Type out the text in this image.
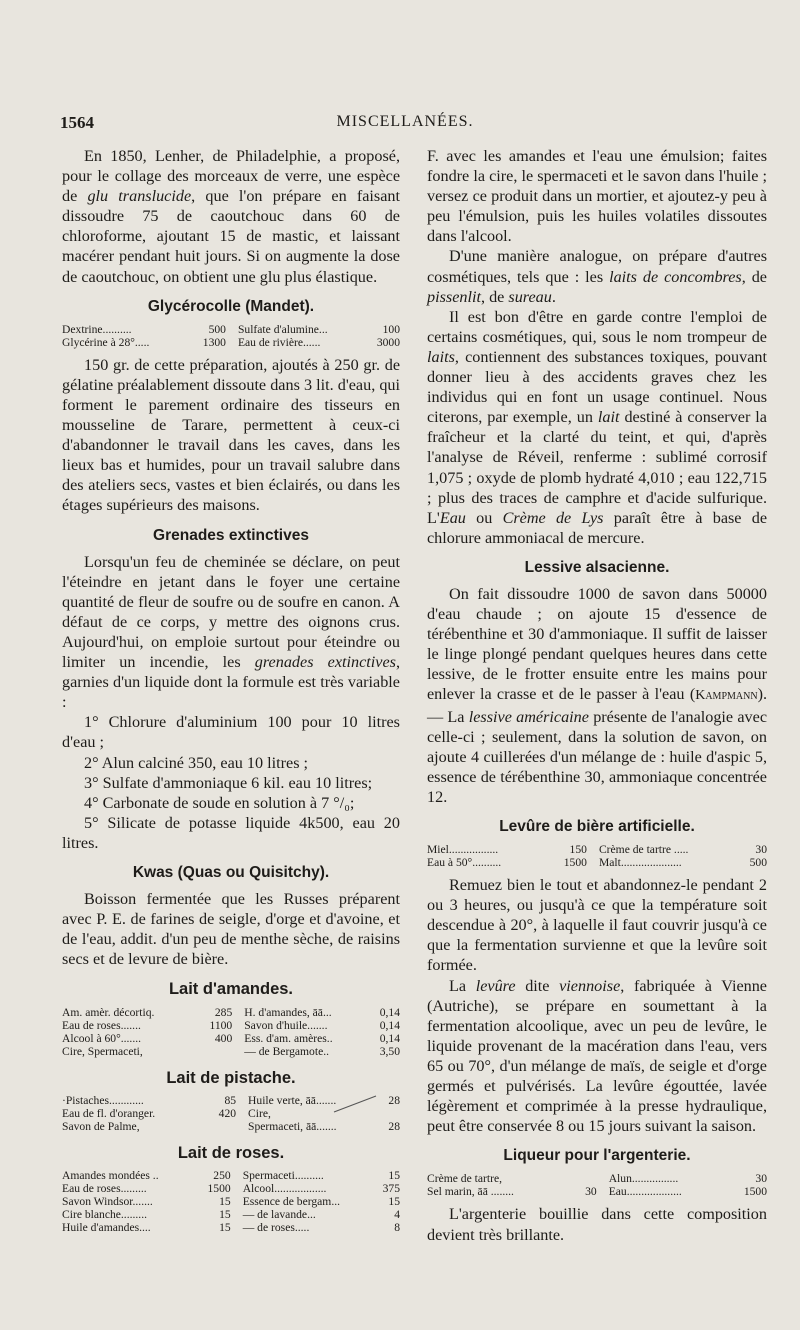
1564	MISCELLANÉES.

En 1850, Lenher, de Philadelphie, a proposé, pour le collage des morceaux de verre, une espèce de glu translucide, que l'on prépare en faisant dissoudre 75 de caoutchouc dans 60 de chloroforme, ajoutant 15 de mastic, et laissant macérer pendant huit jours. Si on augmente la dose de caoutchouc, on obtient une glu plus élastique.

Glycérocolle (Mandet).
Dextrine..........	500	Sulfate d'alumine...	100
Glycérine à 28°.....	1300	Eau de rivière......	3000

150 gr. de cette préparation, ajoutés à 250 gr. de gélatine préalablement dissoute dans 3 lit. d'eau, qui forment le parement ordinaire des tisseurs en mousseline de Tarare, permettent à ceux-ci d'abandonner le travail dans les caves, dans les lieux bas et humides, pour un travail salubre dans des ateliers secs, vastes et bien éclairés, ou dans les étages supérieurs des maisons.

Grenades extinctives

Lorsqu'un feu de cheminée se déclare, on peut l'éteindre en jetant dans le foyer une certaine quantité de fleur de soufre ou de soufre en canon. A défaut de ce corps, y mettre des oignons crus. Aujourd'hui, on emploie surtout pour éteindre ou limiter un incendie, les grenades extinctives, garnies d'un liquide dont la formule est très variable :

1° Chlorure d'aluminium 100 pour 10 litres d'eau ;

2° Alun calciné 350, eau 10 litres ;

3° Sulfate d'ammoniaque 6 kil. eau 10 litres;

4° Carbonate de soude en solution à 7 °/₀;

5° Silicate de potasse liquide 4k500, eau 20 litres.

Kwas (Quas ou Quisitchy).

Boisson fermentée que les Russes préparent avec P. E. de farines de seigle, d'orge et d'avoine, et de l'eau, addit. d'un peu de menthe sèche, de raisins secs et de levure de bière.

Lait d'amandes.
Am. amèr. décortiq.	285	H. d'amandes, āā...	0,14
Eau de roses.......	1100	Savon d'huile.......	0,14
Alcool à 60°.......	400	Ess. d'am. amères..	0,14
Cire, Spermaceti,		— de Bergamote..	3,50
Lait de pistache.
·Pistaches............	85	Huile verte, āā.......	28
Eau de fl. d'oranger.	420	Cire,	
Savon de Palme,		Spermaceti, āā.......	28
Lait de roses.
Amandes mondées ..	250	Spermaceti..........	15
Eau de roses.........	1500	Alcool..................	375
Savon Windsor.......	15	Essence de bergam...	15
Cire blanche.........	15	— de lavande...	4
Huile d'amandes....	15	— de roses.....	8

F. avec les amandes et l'eau une émulsion; faites fondre la cire, le spermaceti et le savon dans l'huile ; versez ce produit dans un mortier, et ajoutez-y peu à peu l'émulsion, puis les huiles volatiles dissoutes dans l'alcool.

D'une manière analogue, on prépare d'autres cosmétiques, tels que : les laits de concombres, de pissenlit, de sureau.

Il est bon d'être en garde contre l'emploi de certains cosmétiques, qui, sous le nom trompeur de laits, contiennent des substances toxiques, pouvant donner lieu à des accidents graves chez les individus qui en font un usage continuel. Nous citerons, par exemple, un lait destiné à conserver la fraîcheur et la clarté du teint, et qui, d'après l'analyse de Réveil, renferme : sublimé corrosif 1,075 ; oxyde de plomb hydraté 4,010 ; eau 122,715 ; plus des traces de camphre et d'acide sulfurique. L'Eau ou Crème de Lys paraît être à base de chlorure ammoniacal de mercure.

Lessive alsacienne.

On fait dissoudre 1000 de savon dans 50000 d'eau chaude ; on ajoute 15 d'essence de térébenthine et 30 d'ammoniaque. Il suffit de laisser le linge plongé pendant quelques heures dans cette lessive, de le frotter ensuite entre les mains pour enlever la crasse et de le passer à l'eau (Kampmann). — La lessive américaine présente de l'analogie avec celle-ci ; seulement, dans la solution de savon, on ajoute 4 cuillerées d'un mélange de : huile d'aspic 5, essence de térébenthine 30, ammoniaque concentrée 12.

Levûre de bière artificielle.
Miel.................	150	Crème de tartre .....	30
Eau à 50°..........	1500	Malt.....................	500

Remuez bien le tout et abandonnez-le pendant 2 ou 3 heures, ou jusqu'à ce que la température soit descendue à 20°, à laquelle il faut couvrir jusqu'à ce que la fermentation survienne et que la levûre soit formée.

La levûre dite viennoise, fabriquée à Vienne (Autriche), se prépare en soumettant à la fermentation alcoolique, avec un peu de levûre, le liquide provenant de la macération dans l'eau, vers 65 ou 70°, d'un mélange de maïs, de seigle et d'orge germés et pulvérisés. La levûre égouttée, lavée légèrement et comprimée à la presse hydraulique, peut être conservée 8 ou 15 jours suivant la saison.

Liqueur pour l'argenterie.
Crème de tartre,		Alun................	30
Sel marin, āā ........	30	Eau...................	1500

L'argenterie bouillie dans cette composition devient très brillante.
